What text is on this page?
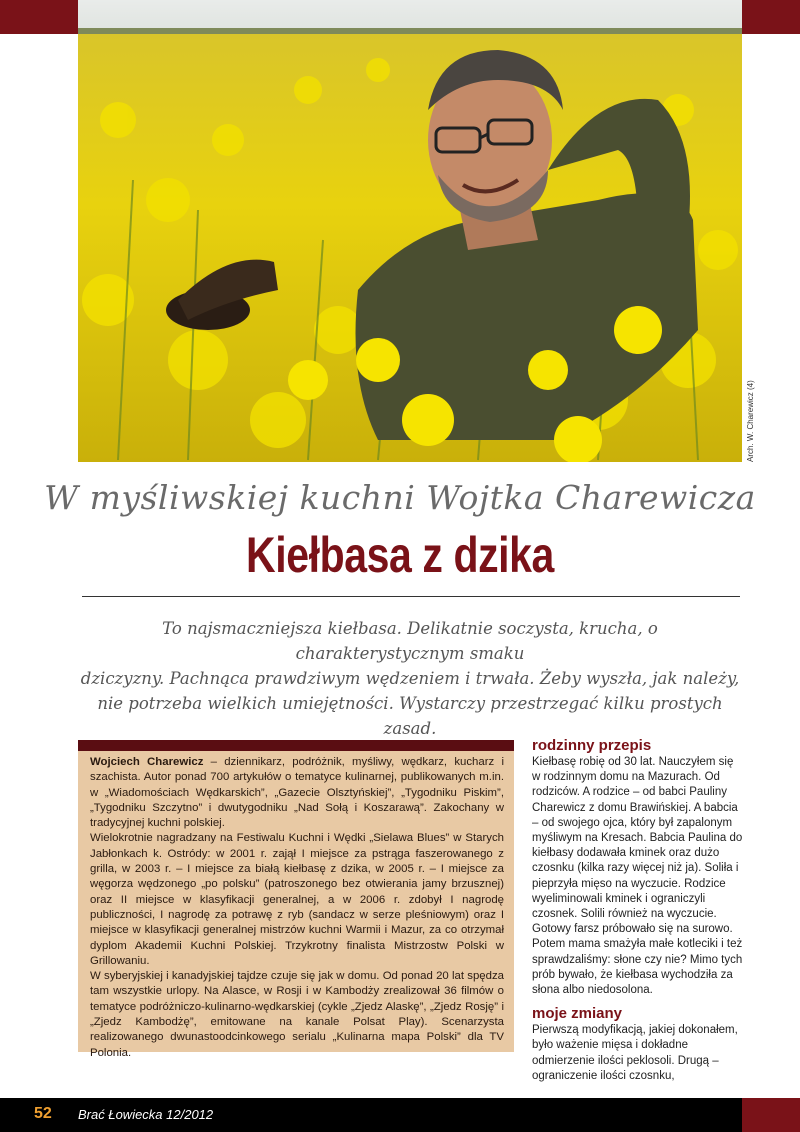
Arch. W. Charewicz (4)
W myśliwskiej kuchni Wojtka Charewicza
Kiełbasa z dzika
To najsmaczniejsza kiełbasa. Delikatnie soczysta, krucha, o charakterystycznym smaku
dziczyzny. Pachnąca prawdziwym wędzeniem i trwała. Żeby wyszła, jak należy,
nie potrzeba wielkich umiejętności. Wystarczy przestrzegać kilku prostych zasad.

Wojciech Charewicz – dziennikarz, podróżnik, myśliwy, wędkarz, kucharz i szachista. Autor ponad 700 artykułów o tematyce kulinarnej, publikowanych m.in. w „Wiadomościach Wędkarskich”, „Gazecie Olsztyńskiej”, „Tygodniku Piskim”, „Tygodniku Szczytno” i dwutygodniku „Nad Sołą i Koszarawą”. Zakochany w tradycyjnej kuchni polskiej.

Wielokrotnie nagradzany na Festiwalu Kuchni i Wędki „Sielawa Blues” w Starych Jabłonkach k. Ostródy: w 2001 r. zajął I miejsce za pstrąga faszerowanego z grilla, w 2003 r. – I miejsce za białą kiełbasę z dzika, w 2005 r. – I miejsce za węgorza wędzonego „po polsku” (patroszonego bez otwierania jamy brzusznej) oraz II miejsce w klasyfikacji generalnej, a w 2006 r. zdobył I nagrodę publiczności, I nagrodę za potrawę z ryb (sandacz w serze pleśniowym) oraz I miejsce w klasyfikacji generalnej mistrzów kuchni Warmii i Mazur, za co otrzymał dyplom Akademii Kuchni Polskiej. Trzykrotny finalista Mistrzostw Polski w Grillowaniu.

W syberyjskiej i kanadyjskiej tajdze czuje się jak w domu. Od ponad 20 lat spędza tam wszystkie urlopy. Na Alasce, w Rosji i w Kambodży zrealizował 36 filmów o tematyce podróżniczo-kulinarno-wędkarskiej (cykle „Zjedz Alaskę”, „Zjedz Rosję” i „Zjedz Kambodżę”, emitowane na kanale Polsat Play). Scenarzysta realizowanego dwunastoodcinkowego serialu „Kulinarna mapa Polski” dla TV Polonia.

rodzinny przepis

Kiełbasę robię od 30 lat. Nauczyłem się w rodzinnym domu na Mazurach. Od rodziców. A rodzice – od babci Pauliny Charewicz z domu Brawińskiej. A babcia – od swojego ojca, który był zapalonym myśliwym na Kresach. Babcia Paulina do kiełbasy dodawała kminek oraz dużo czosnku (kilka razy więcej niż ja). Soliła i pieprzyła mięso na wyczucie. Rodzice wyeliminowali kminek i ograniczyli czosnek. Solili również na wyczucie. Gotowy farsz próbowało się na surowo. Potem mama smażyła małe kotleciki i też sprawdzaliśmy: słone czy nie? Mimo tych prób bywało, że kiełbasa wychodziła za słona albo niedosolona.

moje zmiany

Pierwszą modyfikacją, jakiej dokonałem, było ważenie mięsa i dokładne odmierzenie ilości peklosoli. Drugą – ograniczenie ilości czosnku,

52 Brać Łowiecka 12/2012
